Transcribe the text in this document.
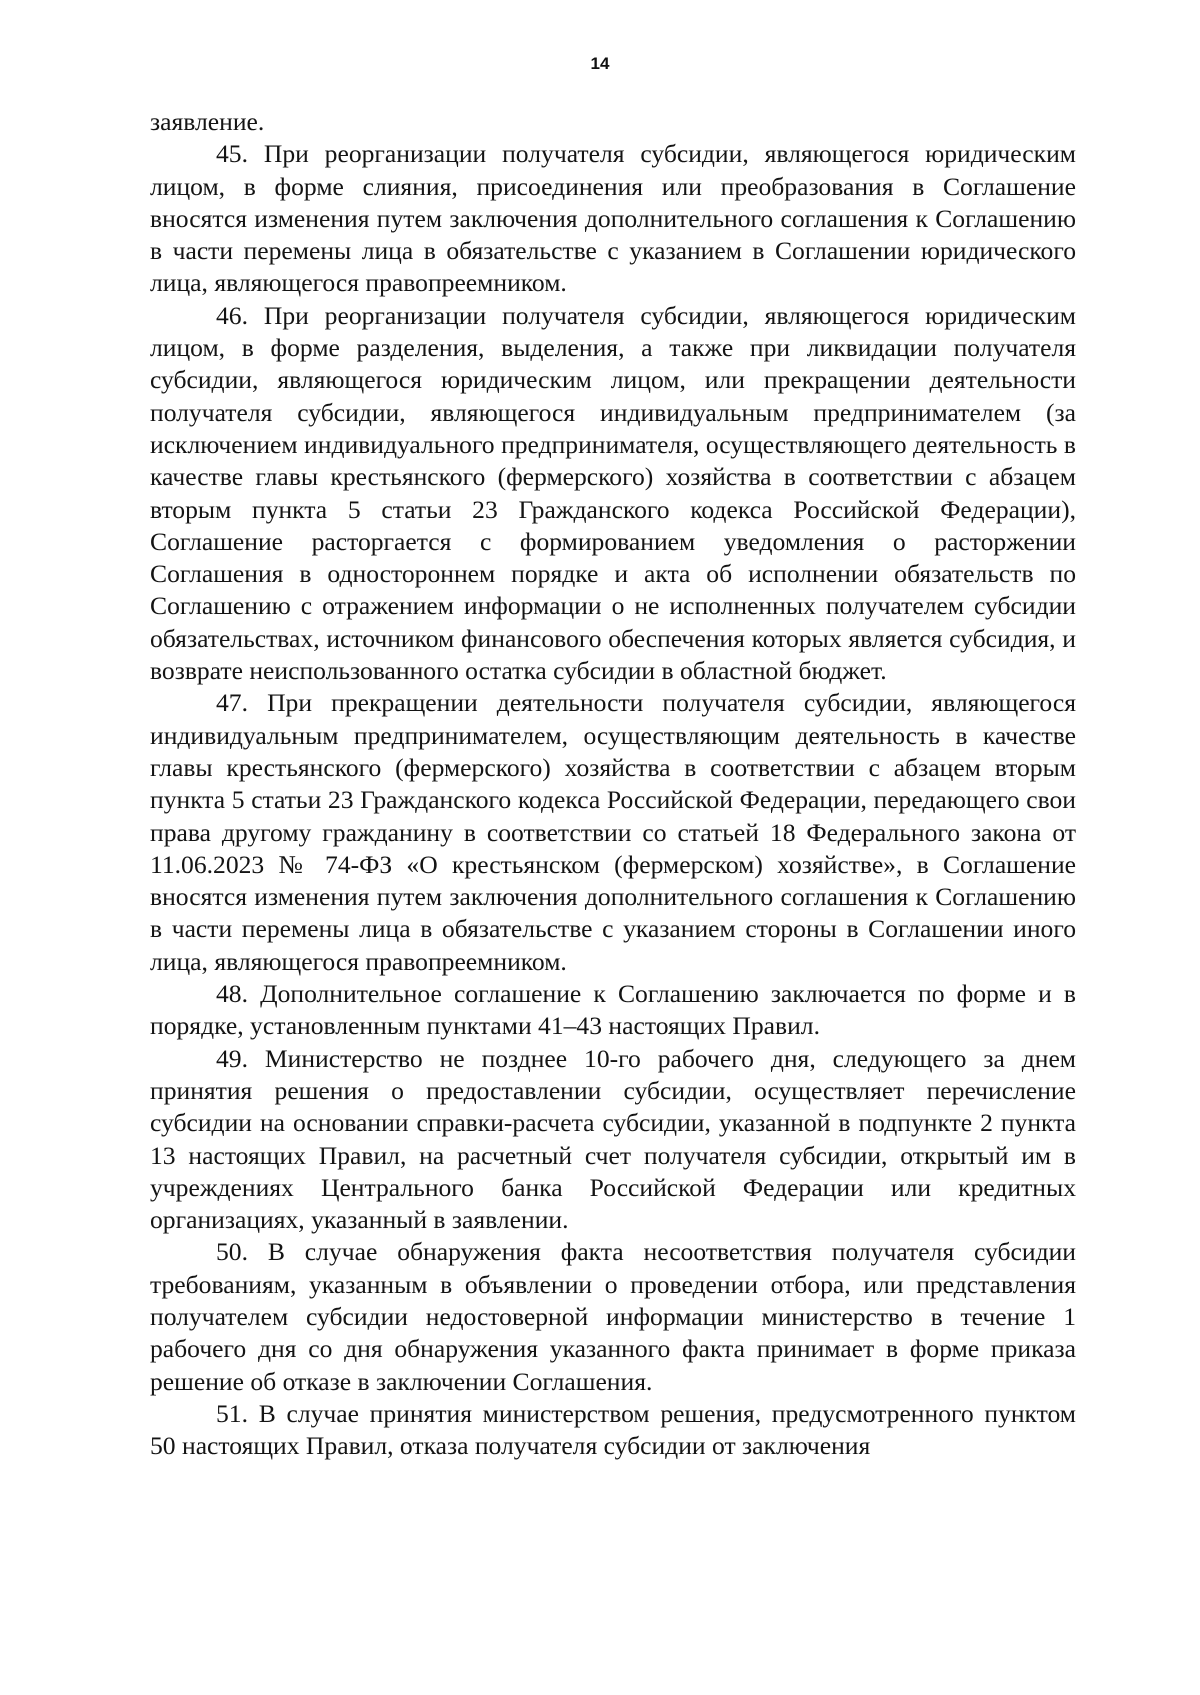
14

заявление.

45. При реорганизации получателя субсидии, являющегося юридическим лицом, в форме слияния, присоединения или преобразования в Соглашение вносятся изменения путем заключения дополнительного соглашения к Соглашению в части перемены лица в обязательстве с указанием в Соглашении юридического лица, являющегося правопреемником.

46. При реорганизации получателя субсидии, являющегося юридическим лицом, в форме разделения, выделения, а также при ликвидации получателя субсидии, являющегося юридическим лицом, или прекращении деятельности получателя субсидии, являющегося индивидуальным предпринимателем (за исключением индивидуального предпринимателя, осуществляющего деятельность в качестве главы крестьянского (фермерского) хозяйства в соответствии с абзацем вторым пункта 5 статьи 23 Гражданского кодекса Российской Федерации), Соглашение расторгается с формированием уведомления о расторжении Соглашения в одностороннем порядке и акта об исполнении обязательств по Соглашению с отражением информации о не исполненных получателем субсидии обязательствах, источником финансового обеспечения которых является субсидия, и возврате неиспользованного остатка субсидии в областной бюджет.

47. При прекращении деятельности получателя субсидии, являющегося индивидуальным предпринимателем, осуществляющим деятельность в качестве главы крестьянского (фермерского) хозяйства в соответствии с абзацем вторым пункта 5 статьи 23 Гражданского кодекса Российской Федерации, передающего свои права другому гражданину в соответствии со статьей 18 Федерального закона от 11.06.2023 № 74-ФЗ «О крестьянском (фермерском) хозяйстве», в Соглашение вносятся изменения путем заключения дополнительного соглашения к Соглашению в части перемены лица в обязательстве с указанием стороны в Соглашении иного лица, являющегося правопреемником.

48. Дополнительное соглашение к Соглашению заключается по форме и в порядке, установленным пунктами 41–43 настоящих Правил.

49. Министерство не позднее 10-го рабочего дня, следующего за днем принятия решения о предоставлении субсидии, осуществляет перечисление субсидии на основании справки-расчета субсидии, указанной в подпункте 2 пункта 13 настоящих Правил, на расчетный счет получателя субсидии, открытый им в учреждениях Центрального банка Российской Федерации или кредитных организациях, указанный в заявлении.

50. В случае обнаружения факта несоответствия получателя субсидии требованиям, указанным в объявлении о проведении отбора, или представления получателем субсидии недостоверной информации министерство в течение 1 рабочего дня со дня обнаружения указанного факта принимает в форме приказа решение об отказе в заключении Соглашения.

51. В случае принятия министерством решения, предусмотренного пунктом 50 настоящих Правил, отказа получателя субсидии от заключения
